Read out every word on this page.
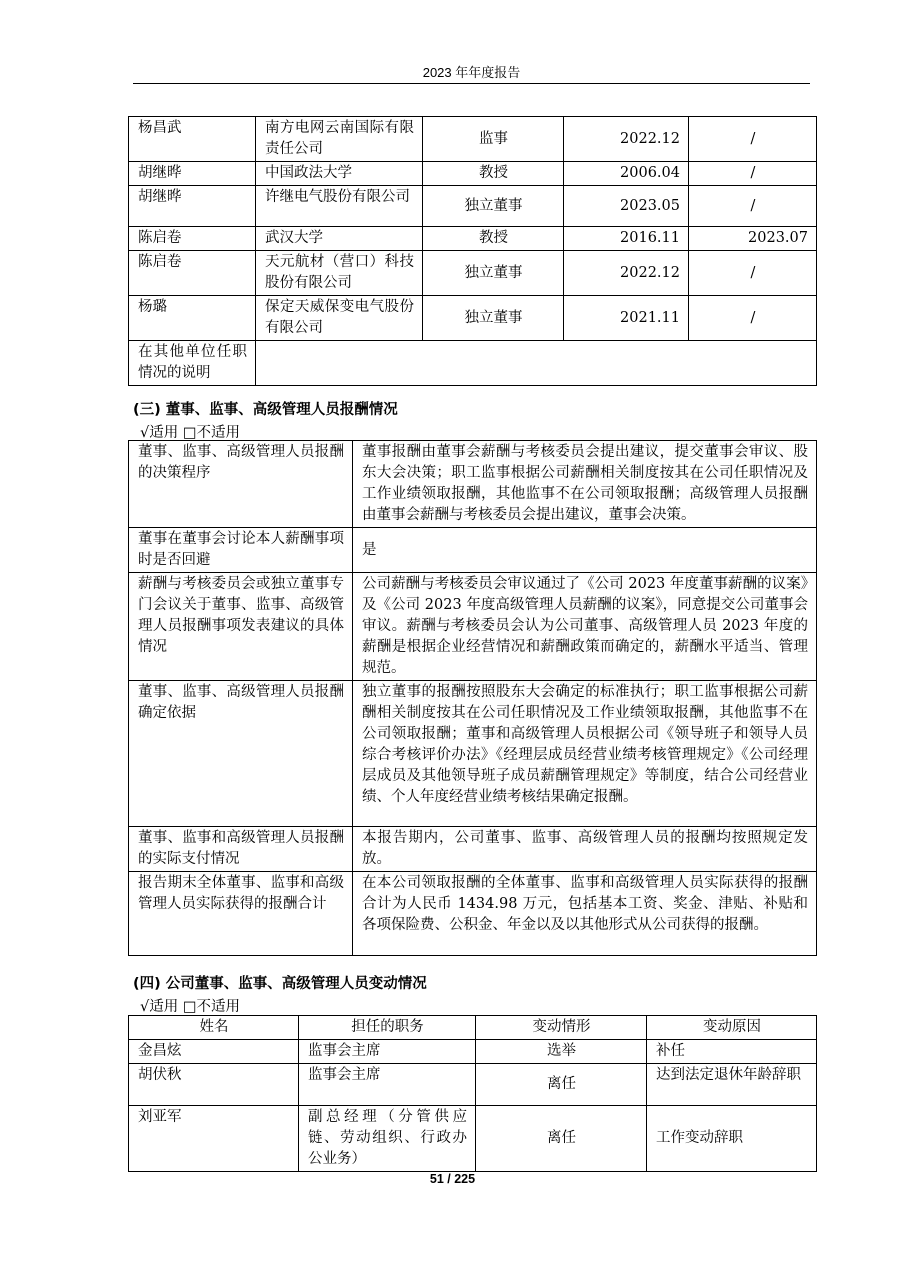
2023 年年度报告
杨昌武	南方电网云南国际有限责任公司	监事	2022.12	/
胡继晔	中国政法大学	教授	2006.04	/
胡继晔	许继电气股份有限公司	独立董事	2023.05	/
陈启卷	武汉大学	教授	2016.11	2023.07
陈启卷	天元航材（营口）科技股份有限公司	独立董事	2022.12	/
杨璐	保定天威保变电气股份有限公司	独立董事	2021.11	/
在其他单位任职情况的说明				
(三) 董事、监事、高级管理人员报酬情况
√适用 □不适用
董事、监事、高级管理人员报酬的决策程序	董事报酬由董事会薪酬与考核委员会提出建议，提交董事会审议、股东大会决策；职工监事根据公司薪酬相关制度按其在公司任职情况及工作业绩领取报酬，其他监事不在公司领取报酬；高级管理人员报酬由董事会薪酬与考核委员会提出建议，董事会决策。
董事在董事会讨论本人薪酬事项时是否回避	是
薪酬与考核委员会或独立董事专门会议关于董事、监事、高级管理人员报酬事项发表建议的具体情况	公司薪酬与考核委员会审议通过了《公司 2023 年度董事薪酬的议案》及《公司 2023 年度高级管理人员薪酬的议案》，同意提交公司董事会审议。薪酬与考核委员会认为公司董事、高级管理人员 2023 年度的薪酬是根据企业经营情况和薪酬政策而确定的，薪酬水平适当、管理规范。
董事、监事、高级管理人员报酬确定依据	独立董事的报酬按照股东大会确定的标准执行；职工监事根据公司薪酬相关制度按其在公司任职情况及工作业绩领取报酬，其他监事不在公司领取报酬；董事和高级管理人员根据公司《领导班子和领导人员综合考核评价办法》《经理层成员经营业绩考核管理规定》《公司经理层成员及其他领导班子成员薪酬管理规定》等制度，结合公司经营业绩、个人年度经营业绩考核结果确定报酬。
董事、监事和高级管理人员报酬的实际支付情况	本报告期内，公司董事、监事、高级管理人员的报酬均按照规定发放。
报告期末全体董事、监事和高级管理人员实际获得的报酬合计	在本公司领取报酬的全体董事、监事和高级管理人员实际获得的报酬合计为人民币 1434.98 万元，包括基本工资、奖金、津贴、补贴和各项保险费、公积金、年金以及以其他形式从公司获得的报酬。
(四) 公司董事、监事、高级管理人员变动情况
√适用 □不适用
姓名	担任的职务	变动情形	变动原因
金昌炫	监事会主席	选举	补任
胡伏秋	监事会主席	离任	达到法定退休年龄辞职
刘亚军	副总经理（分管供应链、劳动组织、行政办公业务）	离任	工作变动辞职
51 / 225
